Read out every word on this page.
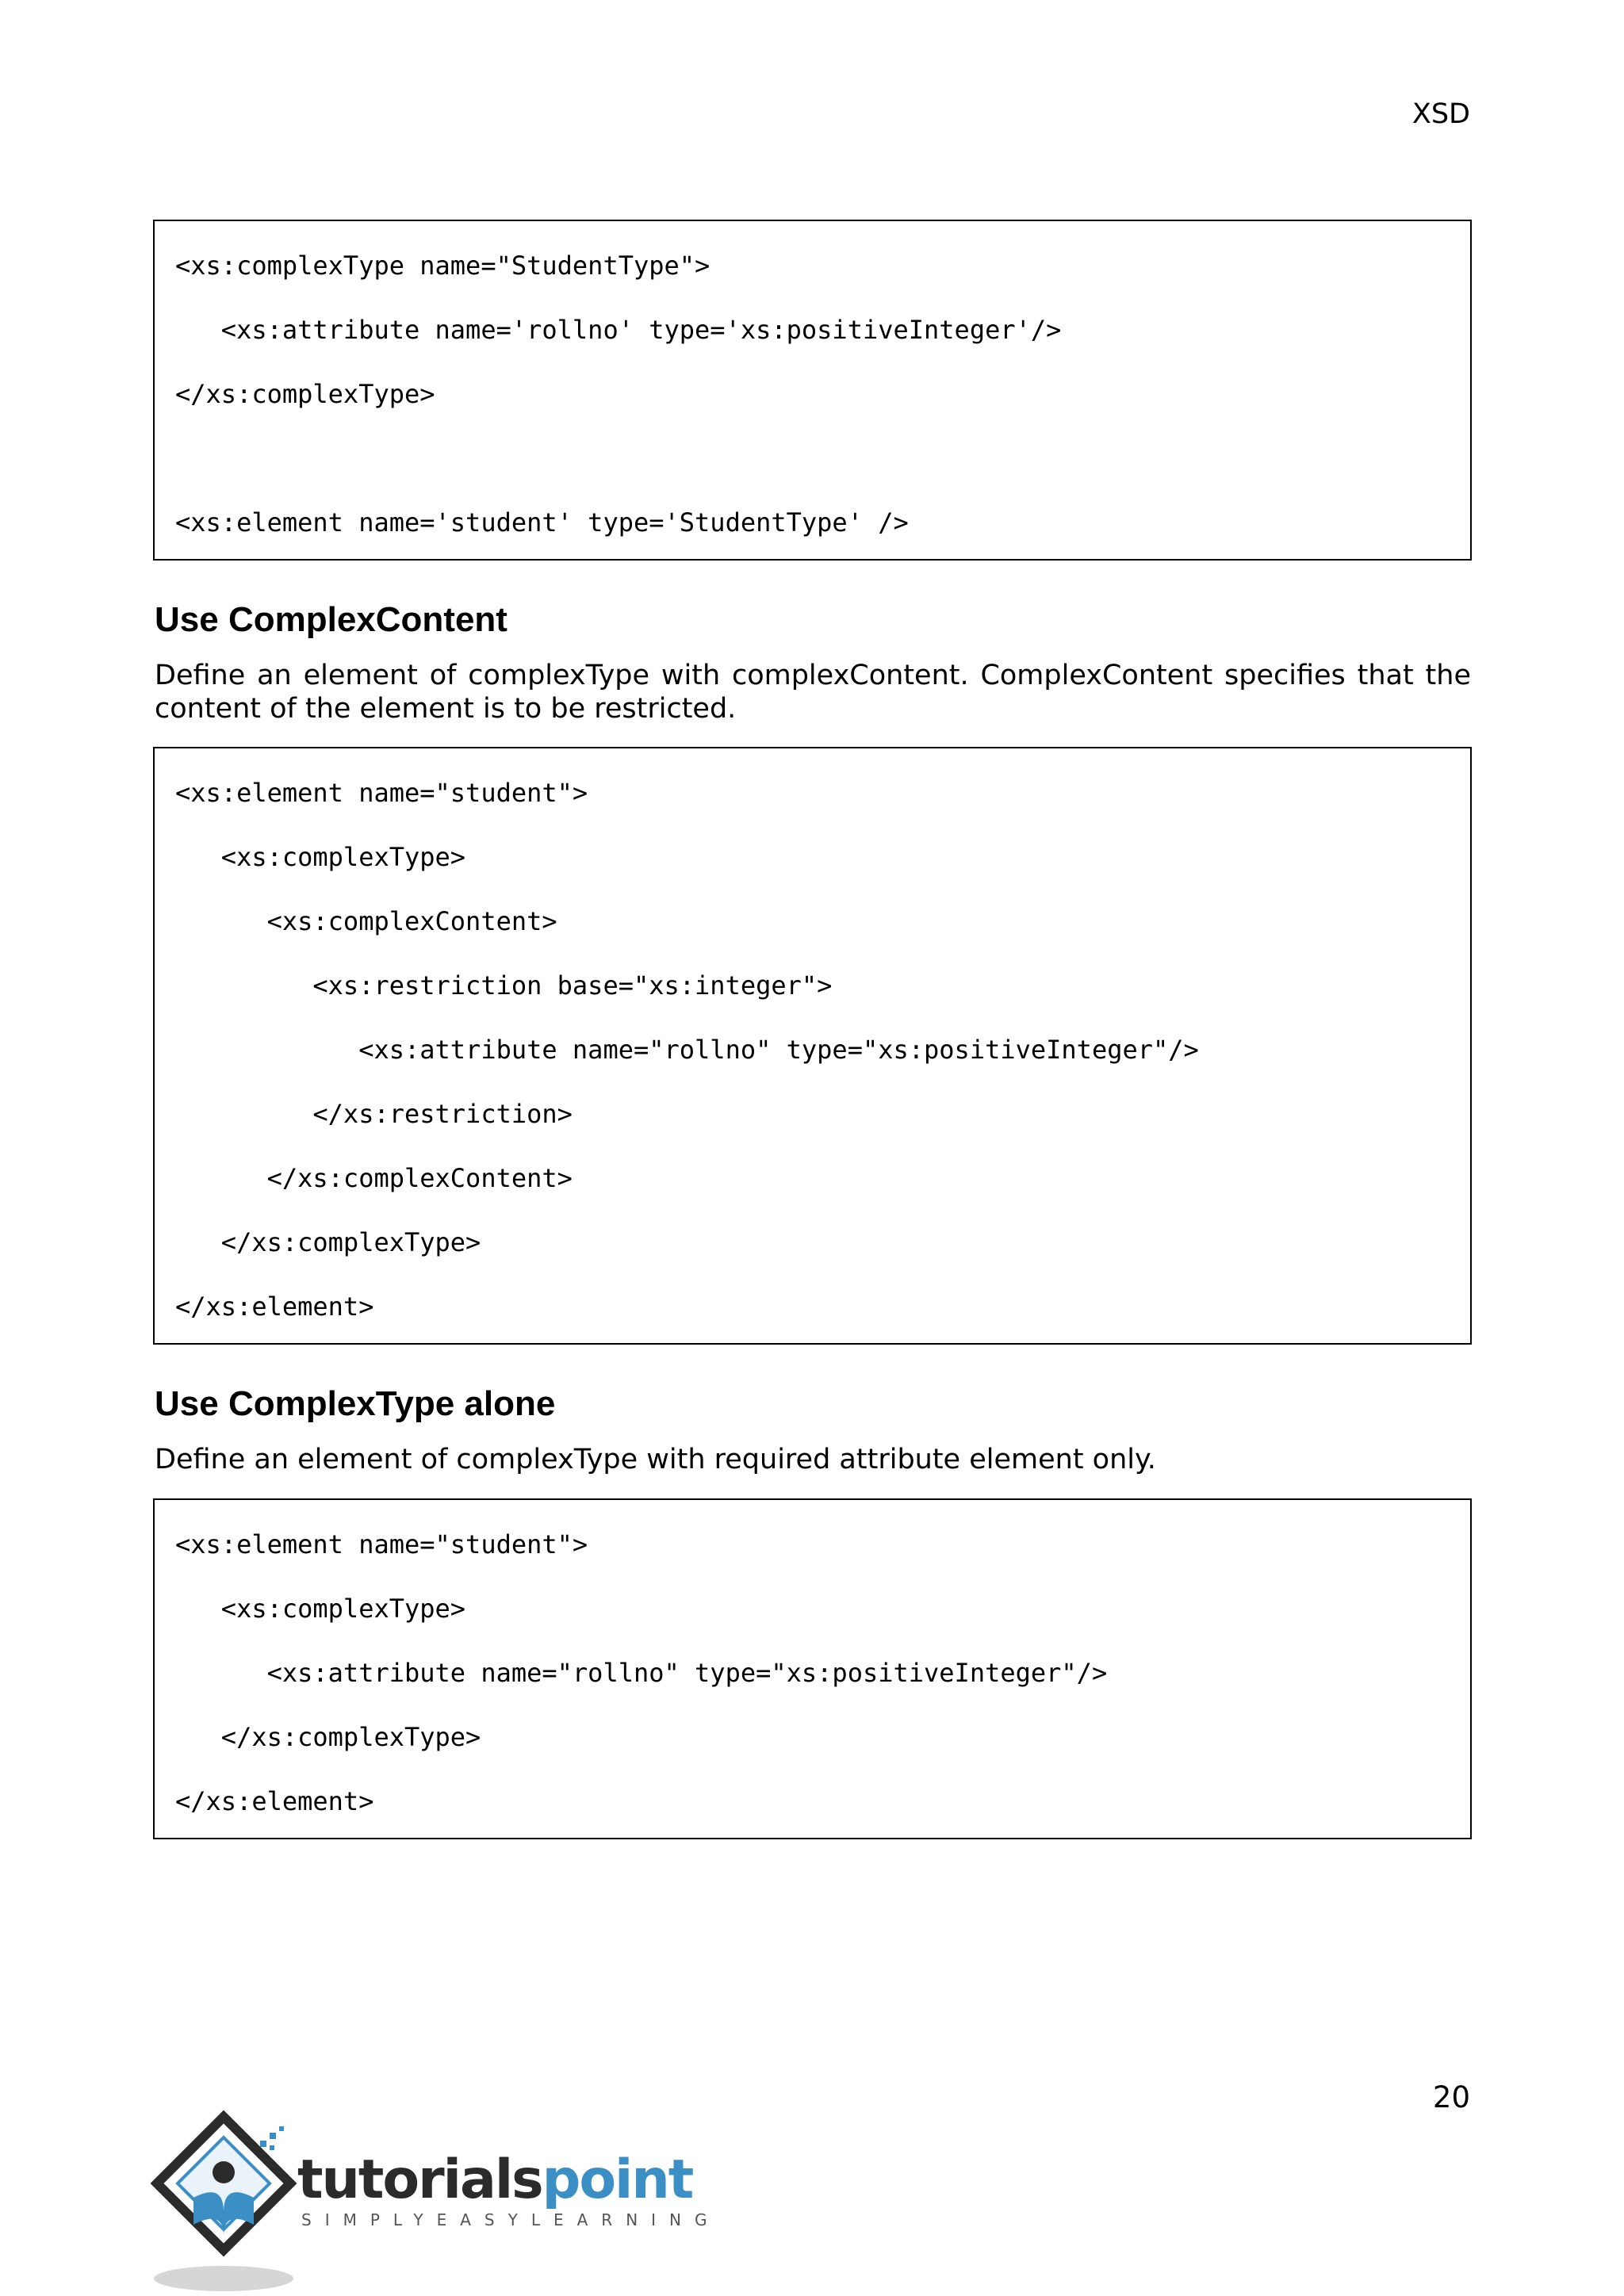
XSD
<xs:complexType name="StudentType">
<xs:attribute name='rollno' type='xs:positiveInteger'/>
</xs:complexType>
<xs:element name='student' type='StudentType' />
Use ComplexContent

Define an element of complexType with complexContent. ComplexContent specifies that the content of the element is to be restricted.

<xs:element name="student">
<xs:complexType>
<xs:complexContent>
<xs:restriction base="xs:integer">
<xs:attribute name="rollno" type="xs:positiveInteger"/>
</xs:restriction>
</xs:complexContent>
</xs:complexType>
</xs:element>
Use ComplexType alone

Define an element of complexType with required attribute element only.

<xs:element name="student">
<xs:complexType>
<xs:attribute name="rollno" type="xs:positiveInteger"/>
</xs:complexType>
</xs:element>
20
tutorialspoint
SIMPLYEASYLEARNING
